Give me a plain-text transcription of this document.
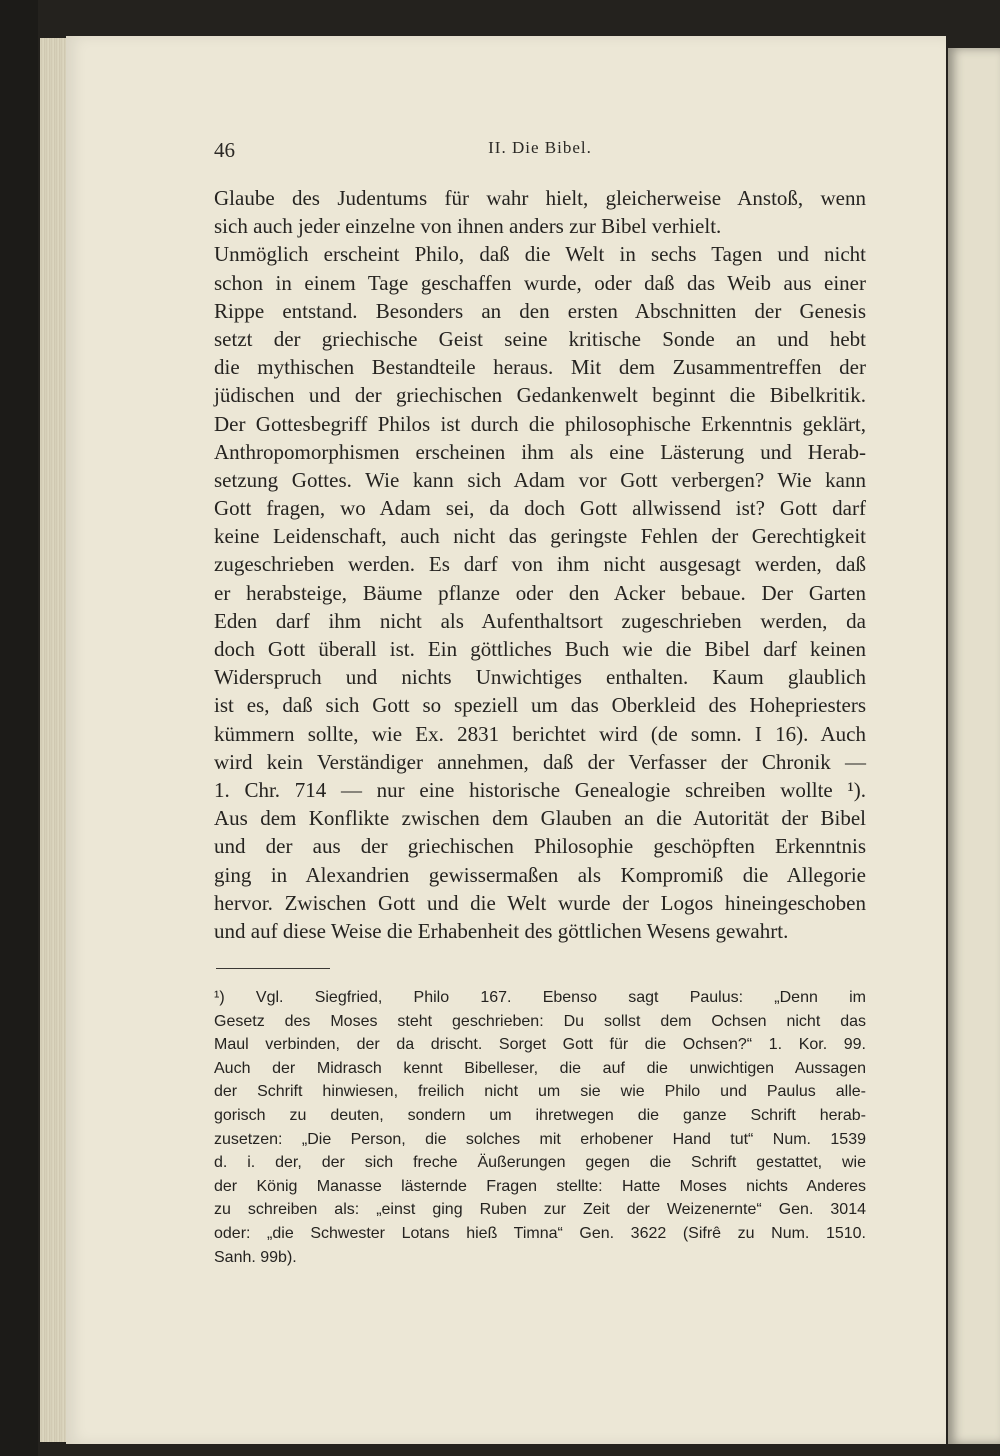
46	II. Die Bibel.
Glaube des Judentums für wahr hielt, gleicherweise Anstoß, wenn
sich auch jeder einzelne von ihnen anders zur Bibel verhielt.
Unmöglich erscheint Philo, daß die Welt in sechs Tagen und nicht
schon in einem Tage geschaffen wurde, oder daß das Weib aus einer
Rippe entstand. Besonders an den ersten Abschnitten der Genesis
setzt der griechische Geist seine kritische Sonde an und hebt
die mythischen Bestandteile heraus. Mit dem Zusammentreffen der
jüdischen und der griechischen Gedankenwelt beginnt die Bibelkritik.
Der Gottesbegriff Philos ist durch die philosophische Erkenntnis geklärt,
Anthropomorphismen erscheinen ihm als eine Lästerung und Herab-
setzung Gottes. Wie kann sich Adam vor Gott verbergen? Wie kann
Gott fragen, wo Adam sei, da doch Gott allwissend ist? Gott darf
keine Leidenschaft, auch nicht das geringste Fehlen der Gerechtigkeit
zugeschrieben werden. Es darf von ihm nicht ausgesagt werden, daß
er herabsteige, Bäume pflanze oder den Acker bebaue. Der Garten
Eden darf ihm nicht als Aufenthaltsort zugeschrieben werden, da
doch Gott überall ist. Ein göttliches Buch wie die Bibel darf keinen
Widerspruch und nichts Unwichtiges enthalten. Kaum glaublich
ist es, daß sich Gott so speziell um das Oberkleid des Hohepriesters
kümmern sollte, wie Ex. 2831 berichtet wird (de somn. I 16). Auch
wird kein Verständiger annehmen, daß der Verfasser der Chronik —
1. Chr. 714 — nur eine historische Genealogie schreiben wollte ¹).
Aus dem Konflikte zwischen dem Glauben an die Autorität der Bibel
und der aus der griechischen Philosophie geschöpften Erkenntnis
ging in Alexandrien gewissermaßen als Kompromiß die Allegorie
hervor. Zwischen Gott und die Welt wurde der Logos hineingeschoben
und auf diese Weise die Erhabenheit des göttlichen Wesens gewahrt.
¹) Vgl. Siegfried, Philo 167. Ebenso sagt Paulus: „Denn im
Gesetz des Moses steht geschrieben: Du sollst dem Ochsen nicht das
Maul verbinden, der da drischt. Sorget Gott für die Ochsen?“ 1. Kor. 99.
Auch der Midrasch kennt Bibelleser, die auf die unwichtigen Aussagen
der Schrift hinwiesen, freilich nicht um sie wie Philo und Paulus alle-
gorisch zu deuten, sondern um ihretwegen die ganze Schrift herab-
zusetzen: „Die Person, die solches mit erhobener Hand tut“ Num. 1539
d. i. der, der sich freche Äußerungen gegen die Schrift gestattet, wie
der König Manasse lästernde Fragen stellte: Hatte Moses nichts Anderes
zu schreiben als: „einst ging Ruben zur Zeit der Weizenernte“ Gen. 3014
oder: „die Schwester Lotans hieß Timna“ Gen. 3622 (Sifrê zu Num. 1510.
Sanh. 99b).
